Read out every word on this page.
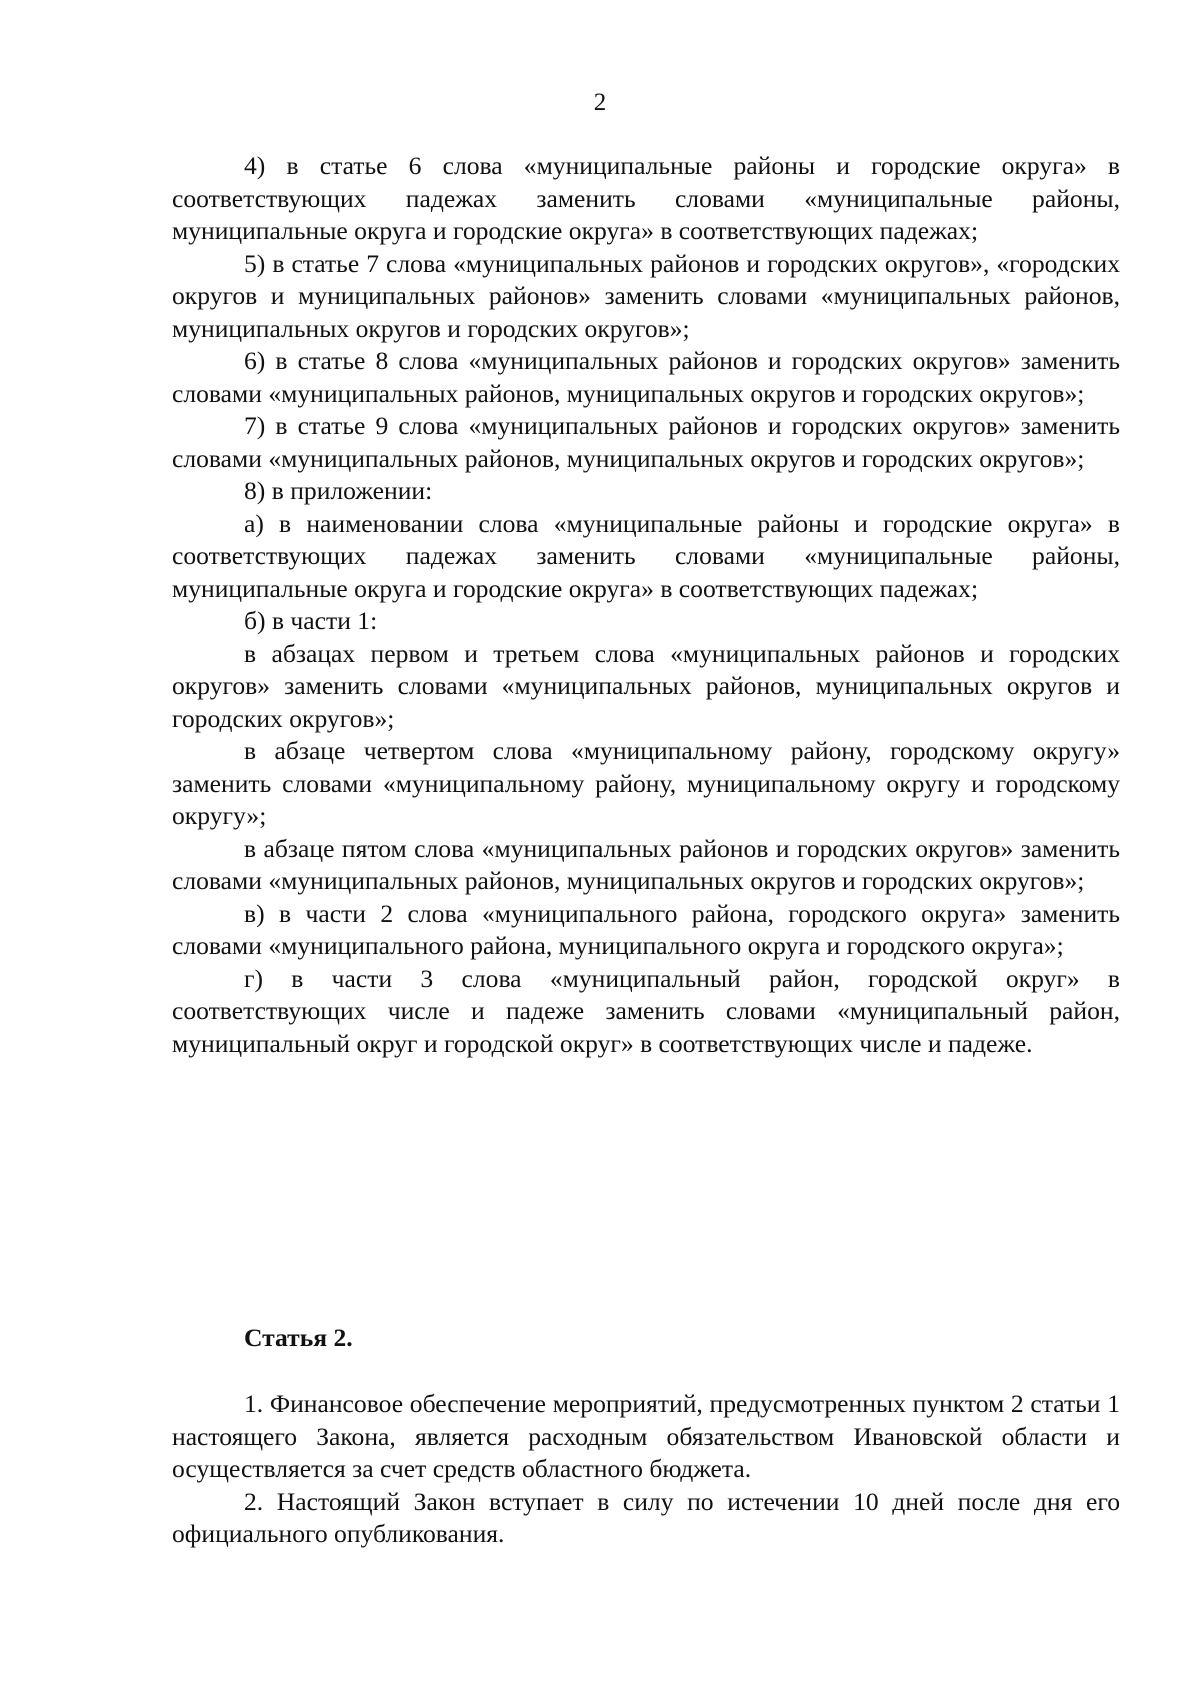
2

4) в статье 6 слова «муниципальные районы и городские округа» в соответствующих падежах заменить словами «муниципальные районы, муниципальные округа и городские округа» в соответствующих падежах;

5) в статье 7 слова «муниципальных районов и городских округов», «городских округов и муниципальных районов» заменить словами «муниципальных районов, муниципальных округов и городских округов»;

6) в статье 8 слова «муниципальных районов и городских округов» заменить словами «муниципальных районов, муниципальных округов и городских округов»;

7) в статье 9 слова «муниципальных районов и городских округов» заменить словами «муниципальных районов, муниципальных округов и городских округов»;

8) в приложении:

а) в наименовании слова «муниципальные районы и городские округа» в соответствующих падежах заменить словами «муниципальные районы, муниципальные округа и городские округа» в соответствующих падежах;

б) в части 1:

в абзацах первом и третьем слова «муниципальных районов и городских округов» заменить словами «муниципальных районов, муниципальных округов и городских округов»;

в абзаце четвертом слова «муниципальному району, городскому округу» заменить словами «муниципальному району, муниципальному округу и городскому округу»;

в абзаце пятом слова «муниципальных районов и городских округов» заменить словами «муниципальных районов, муниципальных округов и городских округов»;

в) в части 2 слова «муниципального района, городского округа» заменить словами «муниципального района, муниципального округа и городского округа»;

г) в части 3 слова «муниципальный район, городской округ» в соответствующих числе и падеже заменить словами «муниципальный район, муниципальный округ и городской округ» в соответствующих числе и падеже.

Статья 2.

1. Финансовое обеспечение мероприятий, предусмотренных пунктом 2 статьи 1 настоящего Закона, является расходным обязательством Ивановской области и осуществляется за счет средств областного бюджета.

2. Настоящий Закон вступает в силу по истечении 10 дней после дня его официального опубликования.
